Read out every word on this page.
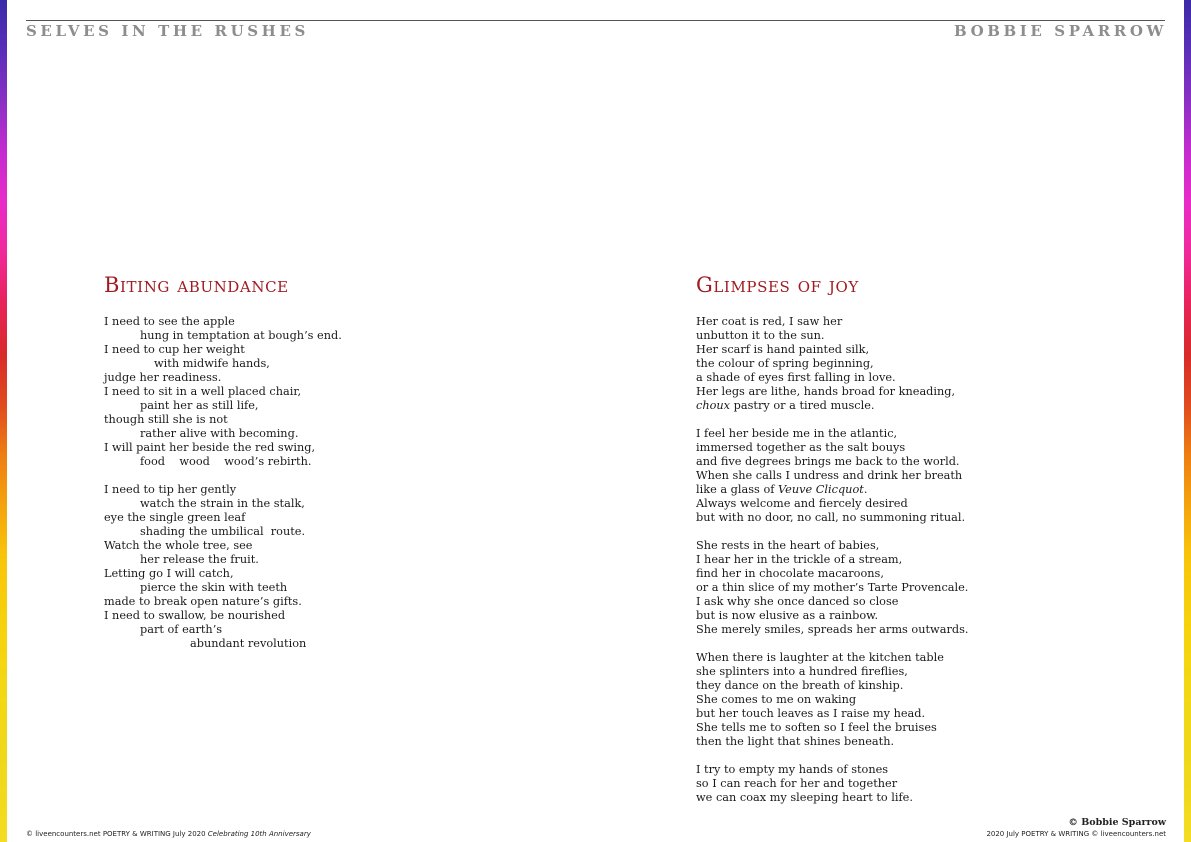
SELVES IN THE RUSHES	BOBBIE SPARROW
Biting abundance
I need to see the apple
hung in temptation at bough’s end.
I need to cup her weight
with midwife hands,
judge her readiness.
I need to sit in a well placed chair,
paint her as still life,
though still she is not
rather alive with becoming.
I will paint her beside the red swing,
food    wood    wood’s rebirth.
I need to tip her gently
watch the strain in the stalk,
eye the single green leaf
shading the umbilical  route.
Watch the whole tree, see
her release the fruit.
Letting go I will catch,
pierce the skin with teeth
made to break open nature’s gifts.
I need to swallow, be nourished
part of earth’s
abundant revolution
Glimpses of joy
Her coat is red, I saw her
unbutton it to the sun.
Her scarf is hand painted silk,
the colour of spring beginning,
a shade of eyes first falling in love.
Her legs are lithe, hands broad for kneading,
choux pastry or a tired muscle.
I feel her beside me in the atlantic,
immersed together as the salt bouys
and five degrees brings me back to the world.
When she calls I undress and drink her breath
like a glass of Veuve Clicquot.
Always welcome and fiercely desired
but with no door, no call, no summoning ritual.
She rests in the heart of babies,
I hear her in the trickle of a stream,
find her in chocolate macaroons,
or a thin slice of my mother’s Tarte Provencale.
I ask why she once danced so close
but is now elusive as a rainbow.
She merely smiles, spreads her arms outwards.
When there is laughter at the kitchen table
she splinters into a hundred fireflies,
they dance on the breath of kinship.
She comes to me on waking
but her touch leaves as I raise my head.
She tells me to soften so I feel the bruises
then the light that shines beneath.
I try to empty my hands of stones
so I can reach for her and together
we can coax my sleeping heart to life.
© Bobbie Sparrow
© liveencounters.net POETRY & WRITING July 2020 Celebrating 10th Anniversary	2020 July POETRY & WRITING © liveencounters.net
